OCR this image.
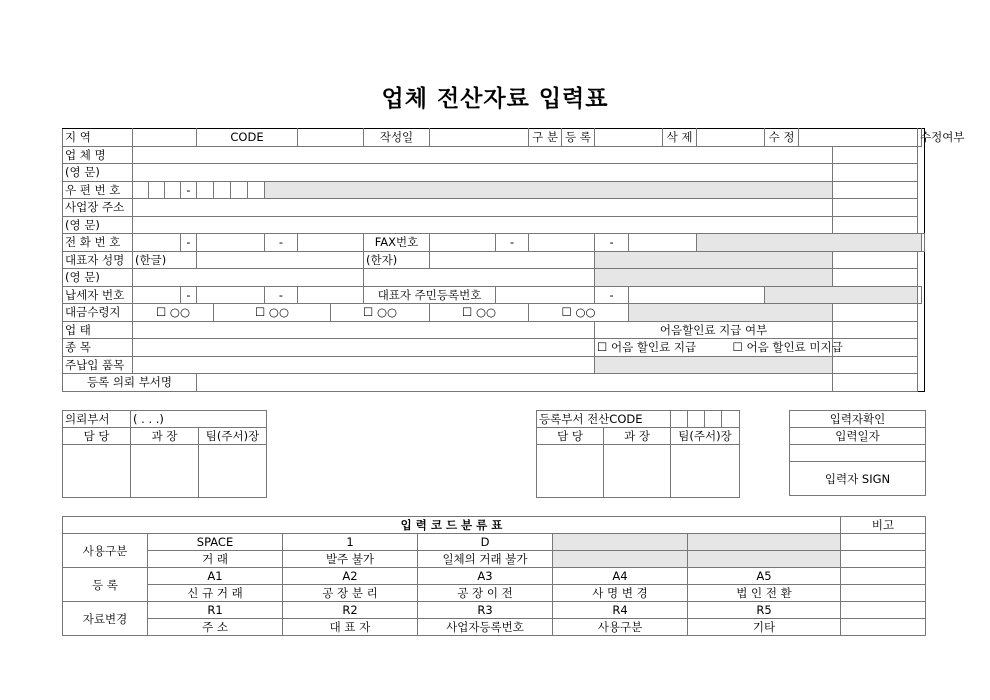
업체 전산자료 입력표
지 역					CODE							작성일			구 분	등 록			삭 제			수 정			수정여부	
업 체 명																										
(영 문)																										
우 편 번 호				-																						
사업장 주소																										
(영 문)																										
전 화 번 호				-					-			FAX번호		-			-									
대표자 성명	(한글)											(한자)														
(영 문)																										
납세자 번호				-					-			대표자 주민등록번호					-									
대금수령지	☐ ○○					☐ ○○					☐ ○○		☐ ○○		☐ ○○											
업 태																	어음할인료 지급 여부									
종 목																	☐ 어음 할인료 지급				☐ 어음 할인료 미지급					
주납입 품목																										
등록 의뢰 부서명																										
의뢰부서	( . . .)	
담 당	과 장	팀(주서)장

등록부서 전산CODE					
담 당	과 장	팀(주서)장			

입력자확인
입력일자

입력자 SIGN
입 력 코 드 분 류 표						비고
사용구분	SPACE	1	D			
	거 래	발주 불가	일체의 거래 불가			
등 록	A1	A2	A3	A4	A5	
	신 규 거 래	공 장 분 리	공 장 이 전	사 명 변 경	법 인 전 환	
자료변경	R1	R2	R3	R4	R5	
	주 소	대 표 자	사업자등록번호	사용구분	기타	
